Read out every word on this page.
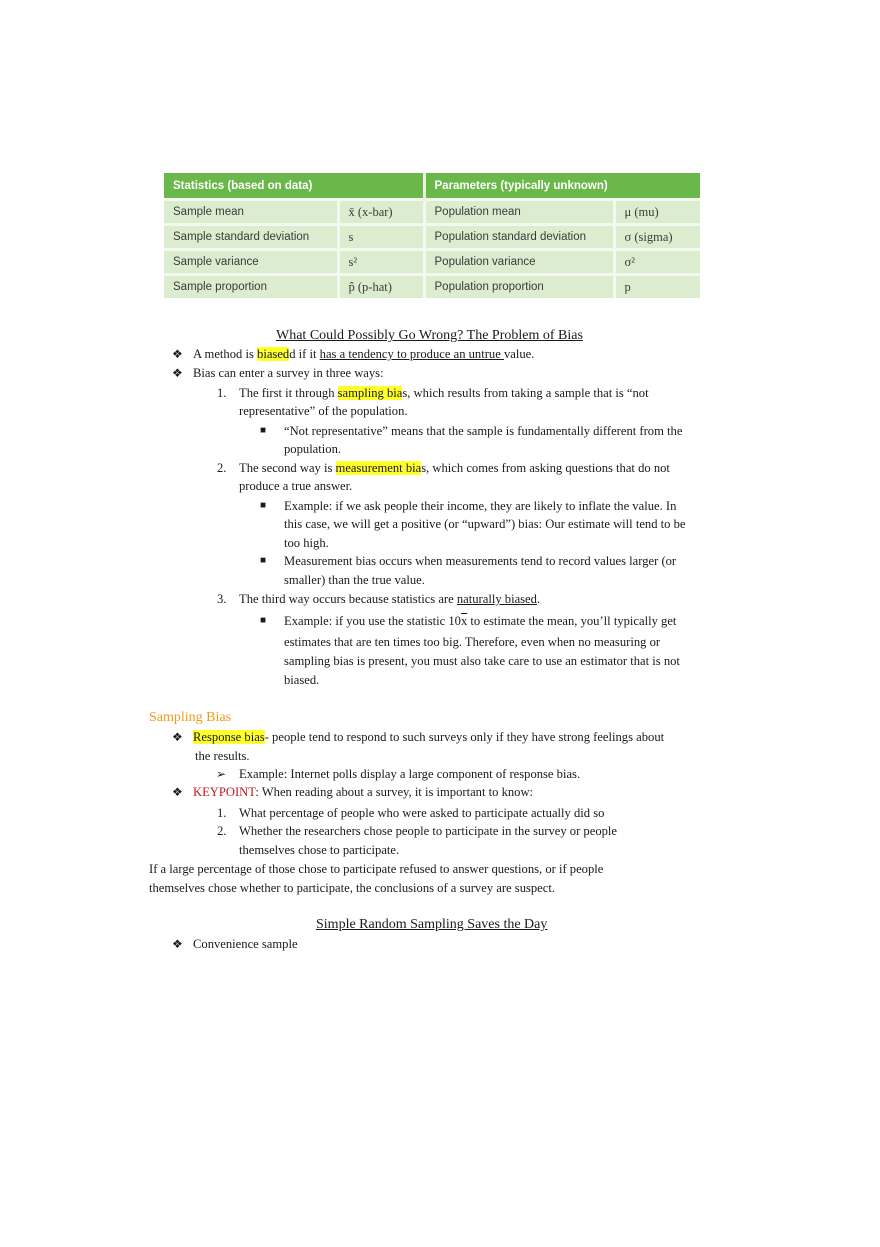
Statistics (based on data)		Parameters (typically unknown)	
Sample mean	x̄ (x-bar)	Population mean	μ (mu)
Sample standard deviation	s	Population standard deviation	σ (sigma)
Sample variance	s²	Population variance	σ²
Sample proportion	p̂ (p-hat)	Population proportion	p
What Could Possibly Go Wrong? The Problem of Bias
❖ A method is biasedd if it has a tendency to produce an untrue value.
❖ Bias can enter a survey in three ways:
1. The first it through sampling bias, which results from taking a sample that is “not
representative” of the population.
■ “Not representative” means that the sample is fundamentally different from the
population.
2. The second way is measurement bias, which comes from asking questions that do not
produce a true answer.
■ Example: if we ask people their income, they are likely to inflate the value. In
this case, we will get a positive (or “upward”) bias: Our estimate will tend to be
too high.
■ Measurement bias occurs when measurements tend to record values larger (or
smaller) than the true value.
3. The third way occurs because statistics are naturally biased.
■ Example: if you use the statistic $10\overline{x}$ to estimate the mean, you’ll typically get
estimates that are ten times too big. Therefore, even when no measuring or
sampling bias is present, you must also take care to use an estimator that is not
biased.
Sampling Bias
❖ Response bias- people tend to respond to such surveys only if they have strong feelings about
the results.
➢ Example: Internet polls display a large component of response bias.
❖ KEYPOINT: When reading about a survey, it is important to know:
1. What percentage of people who were asked to participate actually did so
2. Whether the researchers chose people to participate in the survey or people
themselves chose to participate.
If a large percentage of those chose to participate refused to answer questions, or if people
themselves chose whether to participate, the conclusions of a survey are suspect.
Simple Random Sampling Saves the Day
❖ Convenience sample
